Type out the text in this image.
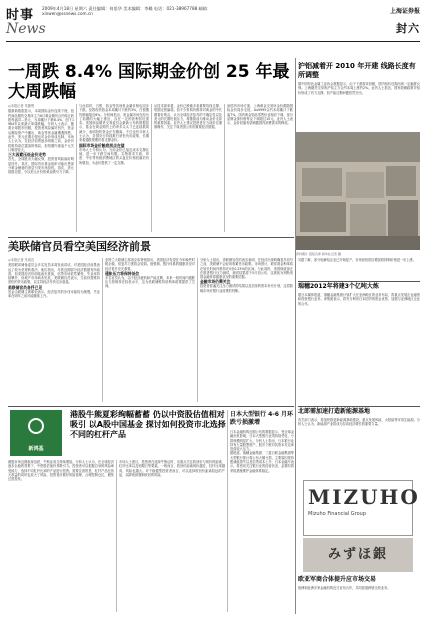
时事 2009年4月18日 星期六 责任编辑：何思华 美术编辑：李璐 电话：021-38967788 邮箱：xinwen@ssnews.com.cn
News
上海证券报
封六
一周跌 8.4% 国际期金价创 25 年最大周跌幅
◎本报记者 朱静贤
据最新数据显示，本周国际金价连续下挫，纽约商品期货交易所主力6月黄金期货合约周五收报每盎司...美元，当周累计下跌8.4%，创下1984年以来最大单周跌幅。分析人士表示，随着全球股市回暖，投资者风险偏好回升，资金从避险资产中撤出，黄金等贵金属遭遇抛售。此外，美元近期走强也对金价形成压制。市场人士认为，在经济前景逐步明朗之前，金价仍将维持高位震荡的格局，但短期内重返千元关口难度较大。
三大因素压低金价走势
首先，全球股市大幅反弹，投资者风险偏好明显回升。其次，国际货币基金组织可能出售部分黄金储备的消息引发市场担忧。再次，美元指数走强，令以美元计价的黄金吸引力下降。
与此同时，白银、铂金等其他贵金属价格也同步下跌。伦敦现货铂金本周累计下跌约3%，白银期货跌幅接近6%。分析师指出，贵金属市场在经历了前期的大幅上涨后，存在一定的获利回吐需求。美国商品期货交易委员会最新公布的数据显示，基金在黄金期货上的净多头头寸已连续数周减少，表明投机资金正在撤离。不过也有分析人士认为，各国央行持续推行宽松货币政策，长期来看通胀预期仍将支撑金价。
国际市场金价触底拐点在望
市场人士分析认为，当前金价已接近成本支撑区域，进一步下跌空间有限。实物需求方面，印度、中东等传统消费地区的买盘在价格回落后有所增加，为金价提供了一定支撑。
从技术面来看，金价已跌破多条重要均线支撑，短期走势偏弱。但不少机构仍维持对黄金的中长期看好观点，认为全球经济复苏的不确定性以及美元的长期贬值压力，将继续成为推动金价走高的重要因素。业内人士建议投资者在当前价位谨慎操作，关注下周美国公布的重要经济数据。
而国内市场方面，上海黄金交易所金价跟随国际金价同步走低，Au9995合约本周累计下跌逾7%。国内黄金饰品零售价也相应下调，部分品牌金饰价格每克下调超过10元。业内人士表示，金价回落有望刺激国内消费需求的释放。
沪铝减着开 2010 年开建 线路长度有所调整
据中国有色金属工业协会数据显示，由于下游需求回暖，国内铝价近期出现一定幅度反弹。上海期货交易所沪铝主力合约本周上涨约2%。业内人士指出，国家收储政策对铝价形成了有力支撑，但产能过剩问题依然突出。
资料图片 铝锭仓库 新华社记者 摄
另据了解，部分电解铝企业已开始复产，市场担忧供应增加将抑制价格进一步上涨。
瑞穗2012年将建3个亿吨大炼
据日本媒体报道，瑞穗金融集团计划扩大在亚洲地区的业务布局，将重点发展企业融资和投资银行业务。该集团表示，将充分利用日本国内的资金优势，加强与亚洲地区企业的合作。
北郎需加速打造新能源基地
有关部门表示，将加快推进新能源基地建设，重点发展风能、太阳能等可再生能源。分析人士认为，新能源产业将成为拉动经济增长的重要力量。
MIZUHO
Mizuho Financial Group
みずほ銀
欧亚军商合体提升应市场交易
欧洲和亚洲多家金融机构近日宣布合作，共同拓展跨境交易业务。
美联储官员看空美国经济前景
◎本报记者 朱周良
美国联邦储备委员会多名官员本周发表讲话，对美国经济前景表达了较为悲观的看法。他们指出，尽管近期部分经济数据有所改善，但美国经济仍面临诸多挑战，信贷市场依然紧张，失业率持续攀升，房地产市场尚未见底。美联储官员表示，当前仍需维持宽松的货币政策，以支持经济尽快走出衰退。
美联储官员各抒己见
旧金山联储主席耶伦表示，经济复苏的步伐可能较为缓慢，失业率在明年之前可能继续上升。
亚特兰大联储主席洛克哈特则指出，美国经济有望在今年晚些时候企稳，但复苏力度将会较弱。他强调，银行体系的健康状况对经济复苏至关重要。
通胀压力将保持低位
多名官员认为，由于经济疲软和产能过剩，未来一段时间内通胀压力将保持在较低水平，这为美联储维持低利率政策提供了空间。
分析人士指出，美联储官员的表态表明，在经济出现明确复苏信号之前，美联储不会轻易收紧货币政策。市场预计，联邦基金利率将在较长时间内维持在0至0.25%的区间。与此同时，美国财政部正在推进银行压力测试，测试结果将于5月初公布，这被视为判断美国金融体系健康状况的重要依据。
金融市场仍需关注
投资者普遍关注压力测试的结果以及后续的资本补充计划，这将影响市场对银行业前景的判断。
新鸿基
港股牛熊夏彩绚幅蓄蓄 仍以中资股估值相对吸引 以A股中国基金 探讨如何投资市北选择不同的杠杆产品
港股市场近期表现活跃，牛熊证成交持续增加。分析人士认为，在全球经济逐步企稳的背景下，中资股估值仍具吸引力。投资者可以根据自身的风险承受能力，选择不同杠杆比率的产品进行投资。需要注意的是，杠杆产品在放大收益的同时也放大了风险，投资者应做好风险管理，合理控制仓位，避免过度投机。
市场人士建议，投资者在选择牛熊证时，应重点关注收回价与现价的距离、杠杆比率以及到期日等要素。一般而言，收回价距离现价越近，杠杆比率越高，风险也越大。对于稳健型投资者而言，可以选择收回价距离较远的产品，以降低被强制收回的风险。
日本大型银行 4-6 月环跌亏损激增
日本金融机构近期公布的数据显示，受全球金融危机影响，日本大型银行业绩持续恶化，亏损规模明显扩大。分析人士指出，日本银行业持有大量股票资产，股市下跌对其资本充足率造成较大压力。
据报道，瑞穗金融集团、三菱日联金融集团等大型银行预计将公布大额亏损，主要原因是持股减值损失以及信贷成本上升。日本金融厅表示，将密切关注银行业的经营状况，必要时将采取措施维护金融体系稳定。
